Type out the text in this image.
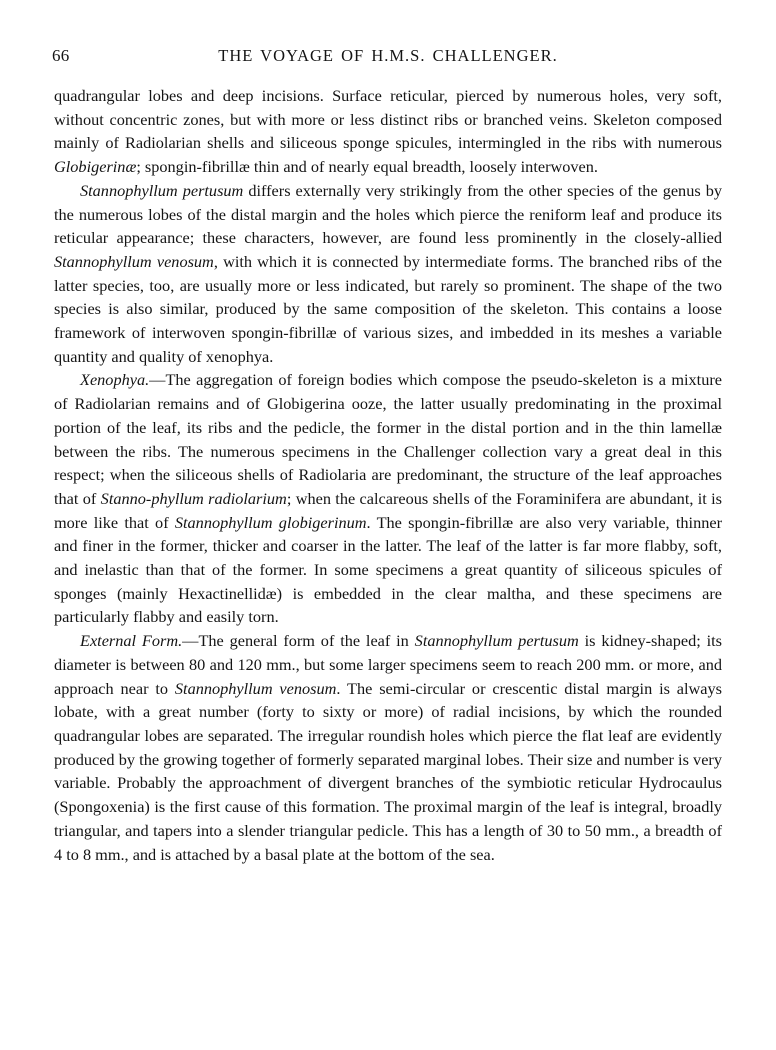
66	THE VOYAGE OF H.M.S. CHALLENGER.

quadrangular lobes and deep incisions. Surface reticular, pierced by numerous holes, very soft, without concentric zones, but with more or less distinct ribs or branched veins. Skeleton composed mainly of Radiolarian shells and siliceous sponge spicules, intermingled in the ribs with numerous Globigerinæ; spongin-fibrillæ thin and of nearly equal breadth, loosely interwoven.

Stannophyllum pertusum differs externally very strikingly from the other species of the genus by the numerous lobes of the distal margin and the holes which pierce the reniform leaf and produce its reticular appearance; these characters, however, are found less prominently in the closely-allied Stannophyllum venosum, with which it is connected by intermediate forms. The branched ribs of the latter species, too, are usually more or less indicated, but rarely so prominent. The shape of the two species is also similar, produced by the same composition of the skeleton. This contains a loose framework of interwoven spongin-fibrillæ of various sizes, and imbedded in its meshes a variable quantity and quality of xenophya.

Xenophya.—The aggregation of foreign bodies which compose the pseudo-skeleton is a mixture of Radiolarian remains and of Globigerina ooze, the latter usually predominating in the proximal portion of the leaf, its ribs and the pedicle, the former in the distal portion and in the thin lamellæ between the ribs. The numerous specimens in the Challenger collection vary a great deal in this respect; when the siliceous shells of Radiolaria are predominant, the structure of the leaf approaches that of Stanno-phyllum radiolarium; when the calcareous shells of the Foraminifera are abundant, it is more like that of Stannophyllum globigerinum. The spongin-fibrillæ are also very variable, thinner and finer in the former, thicker and coarser in the latter. The leaf of the latter is far more flabby, soft, and inelastic than that of the former. In some specimens a great quantity of siliceous spicules of sponges (mainly Hexactinellidæ) is embedded in the clear maltha, and these specimens are particularly flabby and easily torn.

External Form.—The general form of the leaf in Stannophyllum pertusum is kidney-shaped; its diameter is between 80 and 120 mm., but some larger specimens seem to reach 200 mm. or more, and approach near to Stannophyllum venosum. The semi-circular or crescentic distal margin is always lobate, with a great number (forty to sixty or more) of radial incisions, by which the rounded quadrangular lobes are separated. The irregular roundish holes which pierce the flat leaf are evidently produced by the growing together of formerly separated marginal lobes. Their size and number is very variable. Probably the approachment of divergent branches of the symbiotic reticular Hydrocaulus (Spongoxenia) is the first cause of this formation. The proximal margin of the leaf is integral, broadly triangular, and tapers into a slender triangular pedicle. This has a length of 30 to 50 mm., a breadth of 4 to 8 mm., and is attached by a basal plate at the bottom of the sea.
